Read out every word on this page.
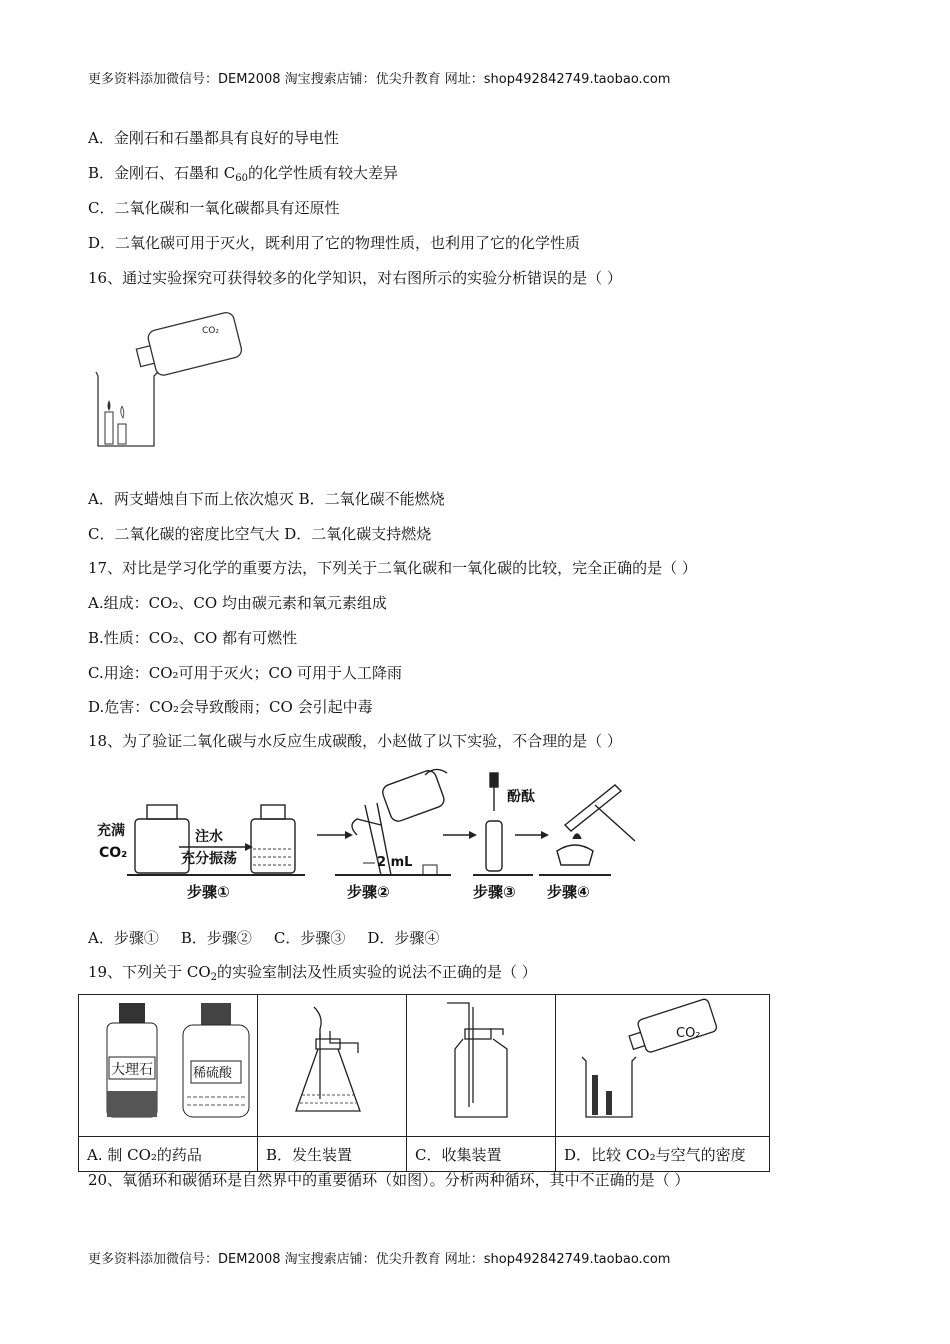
更多资料添加微信号：DEM2008 淘宝搜索店铺：优尖升教育 网址：shop492842749.taobao.com
A．金刚石和石墨都具有良好的导电性
B．金刚石、石墨和 $C_{60}$的化学性质有较大差异
C．二氧化碳和一氧化碳都具有还原性
D．二氧化碳可用于灭火，既利用了它的物理性质，也利用了它的化学性质
16、通过实验探究可获得较多的化学知识，对右图所示的实验分析错误的是（ ）
CO₂
A．两支蜡烛自下而上依次熄灭 B．二氧化碳不能燃烧
C．二氧化碳的密度比空气大 D．二氧化碳支持燃烧
17、对比是学习化学的重要方法，下列关于二氧化碳和一氧化碳的比较，完全正确的是（ ）
A.组成：CO₂、CO 均由碳元素和氧元素组成
B.性质：CO₂、CO 都有可燃性
C.用途：CO₂可用于灭火；CO 可用于人工降雨
D.危害：CO₂会导致酸雨；CO 会引起中毒
18、为了验证二氧化碳与水反应生成碳酸，小赵做了以下实验，不合理的是（ ）
充满
CO₂
注水
充分振荡
步骤①
2 mL
步骤②
酚酞
步骤③ 步骤④
A．步骤① B．步骤② C．步骤③ D．步骤④
19、下列关于 $CO_2$的实验室制法及性质实验的说法不正确的是（ ）
大理石 稀硫酸			CO₂

A. 制 CO₂的药品	B．发生装置	C．收集装置	D．比较 CO₂与空气的密度
20、氧循环和碳循环是自然界中的重要循环（如图）。分析两种循环，其中不正确的是（ ）
更多资料添加微信号：DEM2008 淘宝搜索店铺：优尖升教育 网址：shop492842749.taobao.com
